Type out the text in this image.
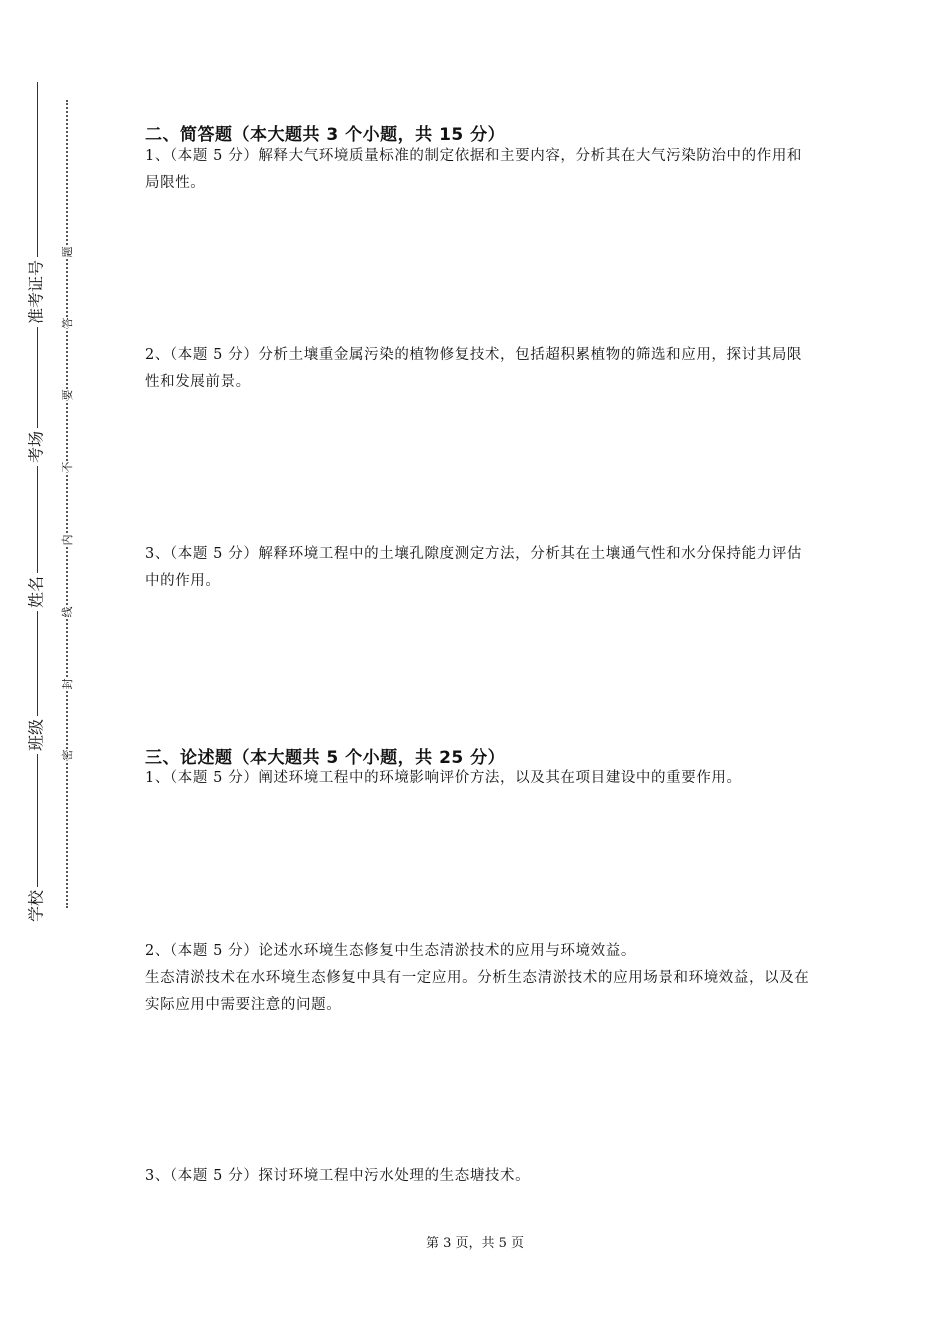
准考证号
考场
姓名
班级
学校
题
答
要
不
内
线
封
密
二、简答题（本大题共 3 个小题，共 15 分）
1、（本题 5 分）解释大气环境质量标准的制定依据和主要内容，分析其在大气污染防治中的作用和局限性。
2、（本题 5 分）分析土壤重金属污染的植物修复技术，包括超积累植物的筛选和应用，探讨其局限性和发展前景。
3、（本题 5 分）解释环境工程中的土壤孔隙度测定方法，分析其在土壤通气性和水分保持能力评估中的作用。
三、论述题（本大题共 5 个小题，共 25 分）
1、（本题 5 分）阐述环境工程中的环境影响评价方法，以及其在项目建设中的重要作用。
2、（本题 5 分）论述水环境生态修复中生态清淤技术的应用与环境效益。
生态清淤技术在水环境生态修复中具有一定应用。分析生态清淤技术的应用场景和环境效益，以及在实际应用中需要注意的问题。
3、（本题 5 分）探讨环境工程中污水处理的生态塘技术。
第 3 页，共 5 页
